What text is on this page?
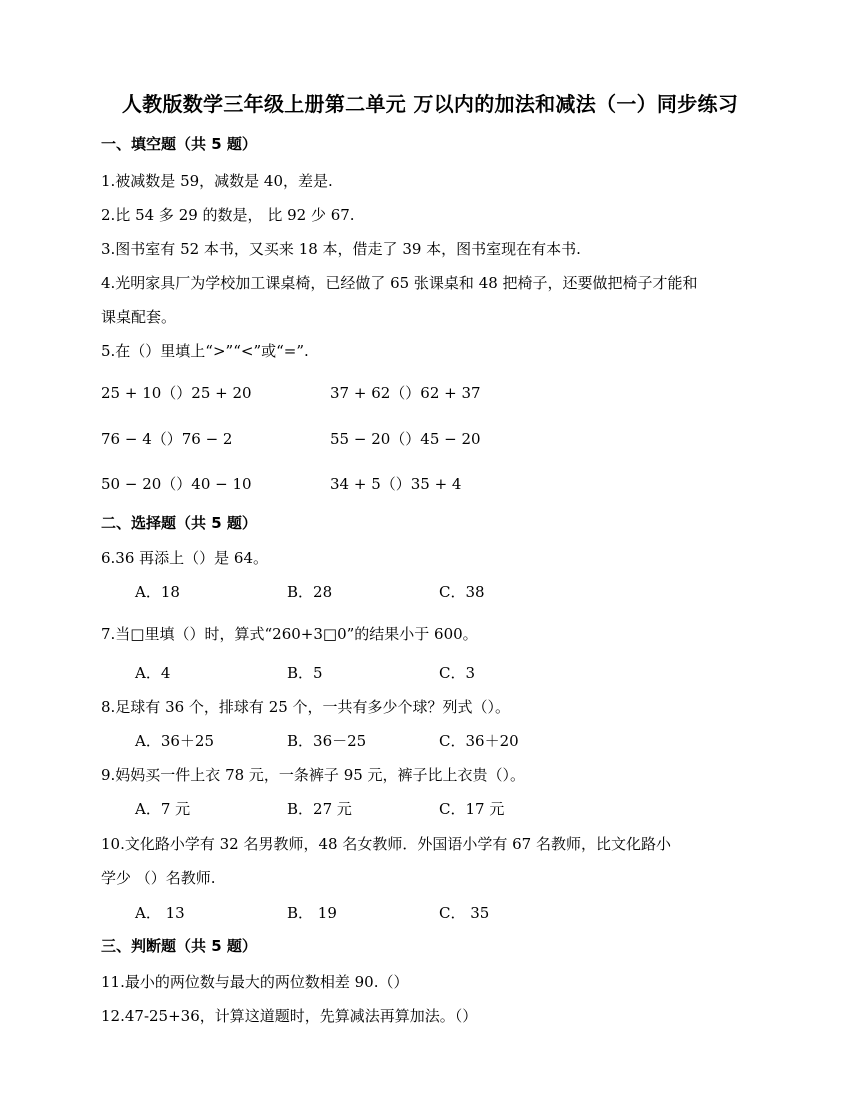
人教版数学三年级上册第二单元 万以内的加法和减法（一）同步练习
一、填空题（共 5 题）
1.被减数是 59，减数是 40，差是.
2.比 54 多 29 的数是， 比 92 少 67.
3.图书室有 52 本书，又买来 18 本，借走了 39 本，图书室现在有本书.
4.光明家具厂为学校加工课桌椅，已经做了 65 张课桌和 48 把椅子，还要做把椅子才能和
课桌配套。
5.在（）里填上“>”“<”或“=”.
25 + 10（）25 + 20	37 + 62（）62 + 37
76 − 4（）76 − 2	55 − 20（）45 − 20
50 − 20（）40 − 10	34 + 5（）35 + 4
二、选择题（共 5 题）
6.36 再添上（）是 64。
A．18	B．28	C．38
7.当□里填（）时，算式“260+3□0”的结果小于 600。
A．4	B．5	C．3
8.足球有 36 个，排球有 25 个，一共有多少个球？列式（）。
A．36＋25	B．36－25	C．36＋20
9.妈妈买一件上衣 78 元，一条裤子 95 元，裤子比上衣贵（）。
A．7 元	B．27 元	C．17 元
10.文化路小学有 32 名男教师，48 名女教师．外国语小学有 67 名教师，比文化路小
学少 （）名教师.
A． 13	B． 19	C． 35
三、判断题（共 5 题）
11.最小的两位数与最大的两位数相差 90.（）
12.47-25+36，计算这道题时，先算减法再算加法。（）
